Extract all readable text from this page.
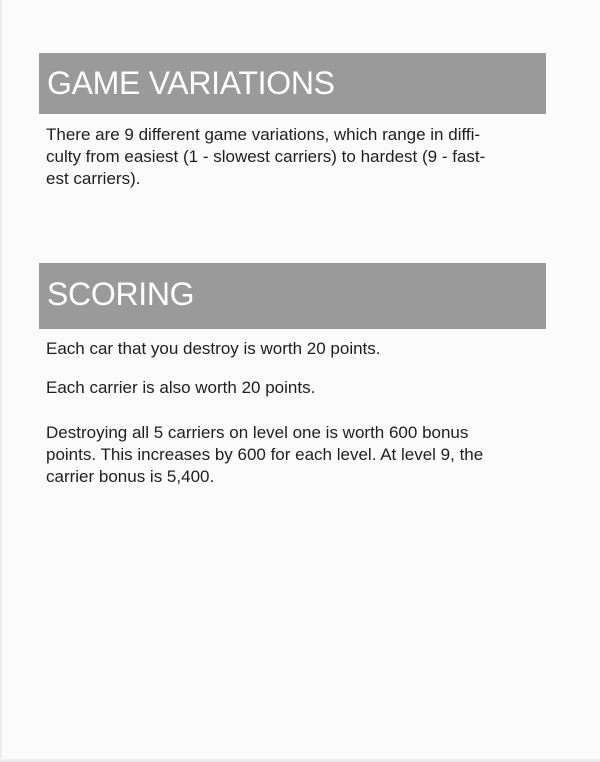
GAME VARIATIONS

There are 9 different game variations, which range in diffi-
culty from easiest (1 - slowest carriers) to hardest (9 - fast-
est carriers).

SCORING

Each car that you destroy is worth 20 points.

Each carrier is also worth 20 points.

Destroying all 5 carriers on level one is worth 600 bonus
points. This increases by 600 for each level. At level 9, the
carrier bonus is 5,400.
